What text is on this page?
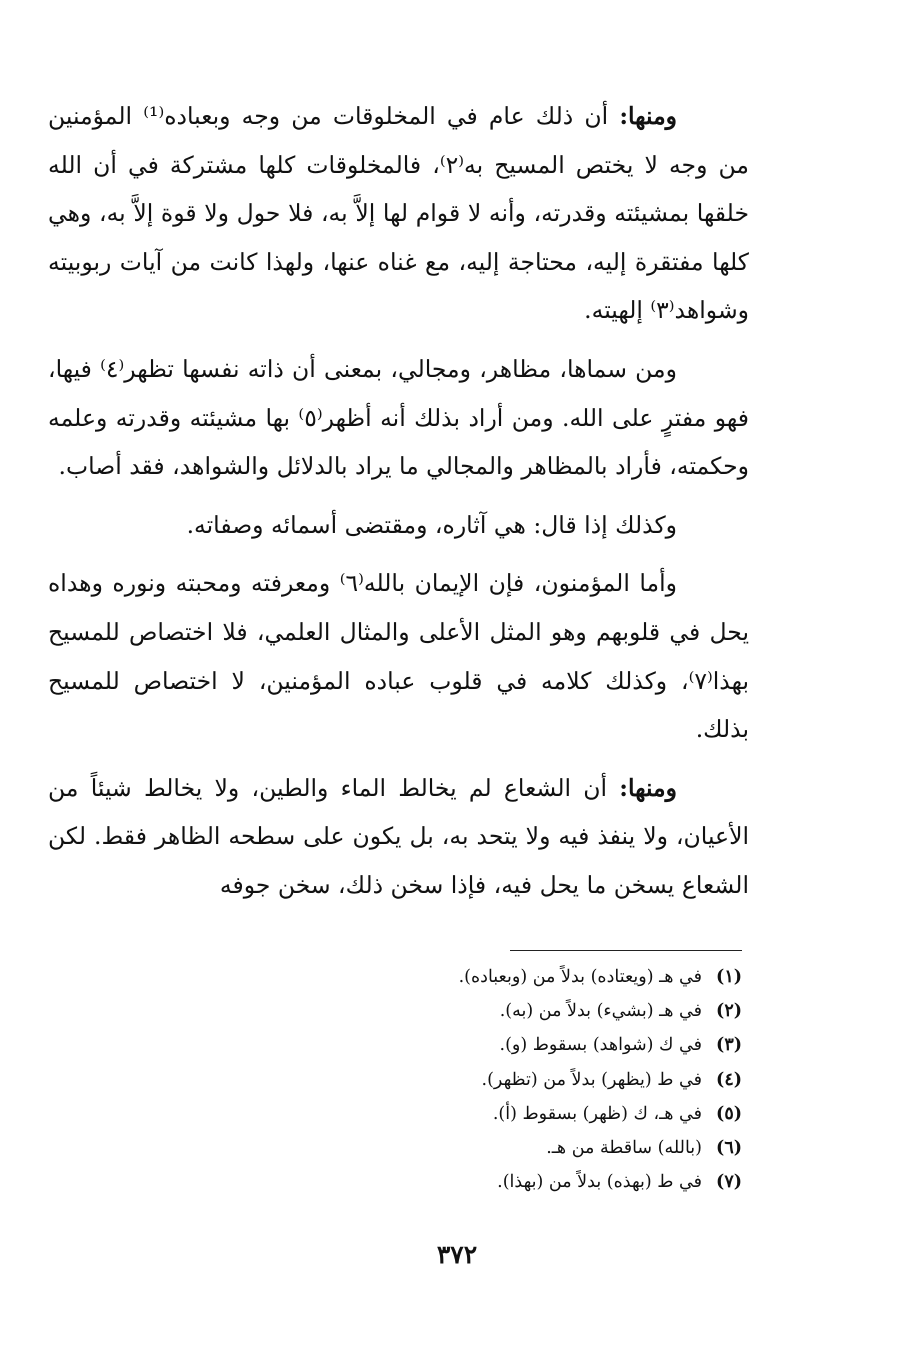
ومنها: أن ذلك عام في المخلوقات من وجه وبعباده⁽¹⁾ المؤمنين من وجه لا يختص المسيح به⁽٢⁾، فالمخلوقات كلها مشتركة في أن الله خلقها بمشيئته وقدرته، وأنه لا قوام لها إلاَّ به، فلا حول ولا قوة إلاَّ به، وهي كلها مفتقرة إليه، محتاجة إليه، مع غناه عنها، ولهذا كانت من آيات ربوبيته وشواهد⁽٣⁾ إلهيته.

ومن سماها، مظاهر، ومجالي، بمعنى أن ذاته نفسها تظهر⁽٤⁾ فيها، فهو مفترٍ على الله. ومن أراد بذلك أنه أظهر⁽٥⁾ بها مشيئته وقدرته وعلمه وحكمته، فأراد بالمظاهر والمجالي ما يراد بالدلائل والشواهد، فقد أصاب.

وكذلك إذا قال: هي آثاره، ومقتضى أسمائه وصفاته.

وأما المؤمنون، فإن الإيمان بالله⁽٦⁾ ومعرفته ومحبته ونوره وهداه يحل في قلوبهم وهو المثل الأعلى والمثال العلمي، فلا اختصاص للمسيح بهذا⁽٧⁾، وكذلك كلامه في قلوب عباده المؤمنين، لا اختصاص للمسيح بذلك.

ومنها: أن الشعاع لم يخالط الماء والطين، ولا يخالط شيئاً من الأعيان، ولا ينفذ فيه ولا يتحد به، بل يكون على سطحه الظاهر فقط. لكن الشعاع يسخن ما يحل فيه، فإذا سخن ذلك، سخن جوفه

(١)في هـ (ويعتاده) بدلاً من (وبعباده).
(٢)في هـ (بشيء) بدلاً من (به).
(٣)في ك (شواهد) بسقوط (و).
(٤)في ط (يظهر) بدلاً من (تظهر).
(٥)في هـ، ك (ظهر) بسقوط (أ).
(٦)(بالله) ساقطة من هـ.
(٧)في ط (بهذه) بدلاً من (بهذا).
٣٧٢
